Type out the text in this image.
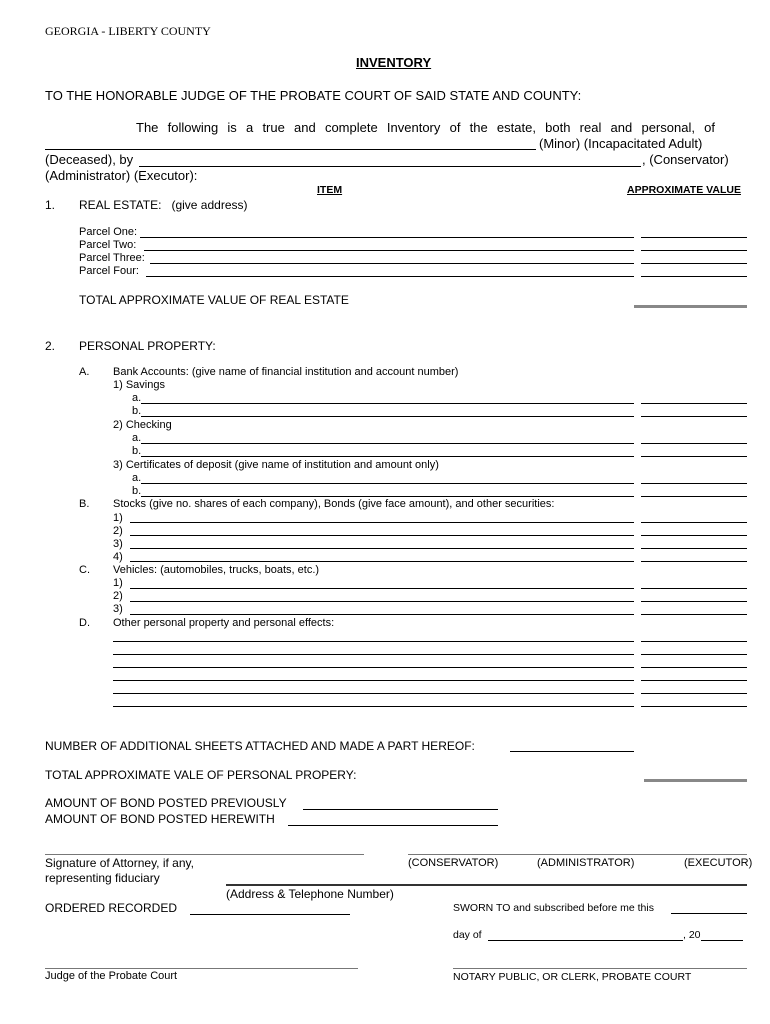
GEORGIA - LIBERTY COUNTY
INVENTORY
TO THE HONORABLE JUDGE OF THE PROBATE COURT OF SAID STATE AND COUNTY:
The following is a true and complete Inventory of the estate, both real and personal, of
(Minor) (Incapacitated Adult)
(Deceased), by	, (Conservator)
(Administrator) (Executor):
ITEM	APPROXIMATE VALUE
1. REAL ESTATE:   (give address)
Parcel One:
Parcel Two:
Parcel Three:
Parcel Four:
TOTAL APPROXIMATE VALUE OF REAL ESTATE
2. PERSONAL PROPERTY:
A. Bank Accounts: (give name of financial institution and account number)
1) Savings
a.
b.
2) Checking
a.
b.
3) Certificates of deposit (give name of institution and amount only)
a.
b.
B. Stocks (give no. shares of each company), Bonds (give face amount), and other securities:
1)
2)
3)
4)
C. Vehicles: (automobiles, trucks, boats, etc.)
1)
2)
3)
D. Other personal property and personal effects:
NUMBER OF ADDITIONAL SHEETS ATTACHED AND MADE A PART HEREOF:
TOTAL APPROXIMATE VALE OF PERSONAL PROPERY:
AMOUNT OF BOND POSTED PREVIOUSLY
AMOUNT OF BOND POSTED HEREWITH
Signature of Attorney, if any,
representing fiduciary
(CONSERVATOR)	(ADMINISTRATOR)	(EXECUTOR)
(Address & Telephone Number)
ORDERED RECORDED	SWORN TO and subscribed before me this
day of	, 20
Judge of the Probate Court	NOTARY PUBLIC, OR CLERK, PROBATE COURT
